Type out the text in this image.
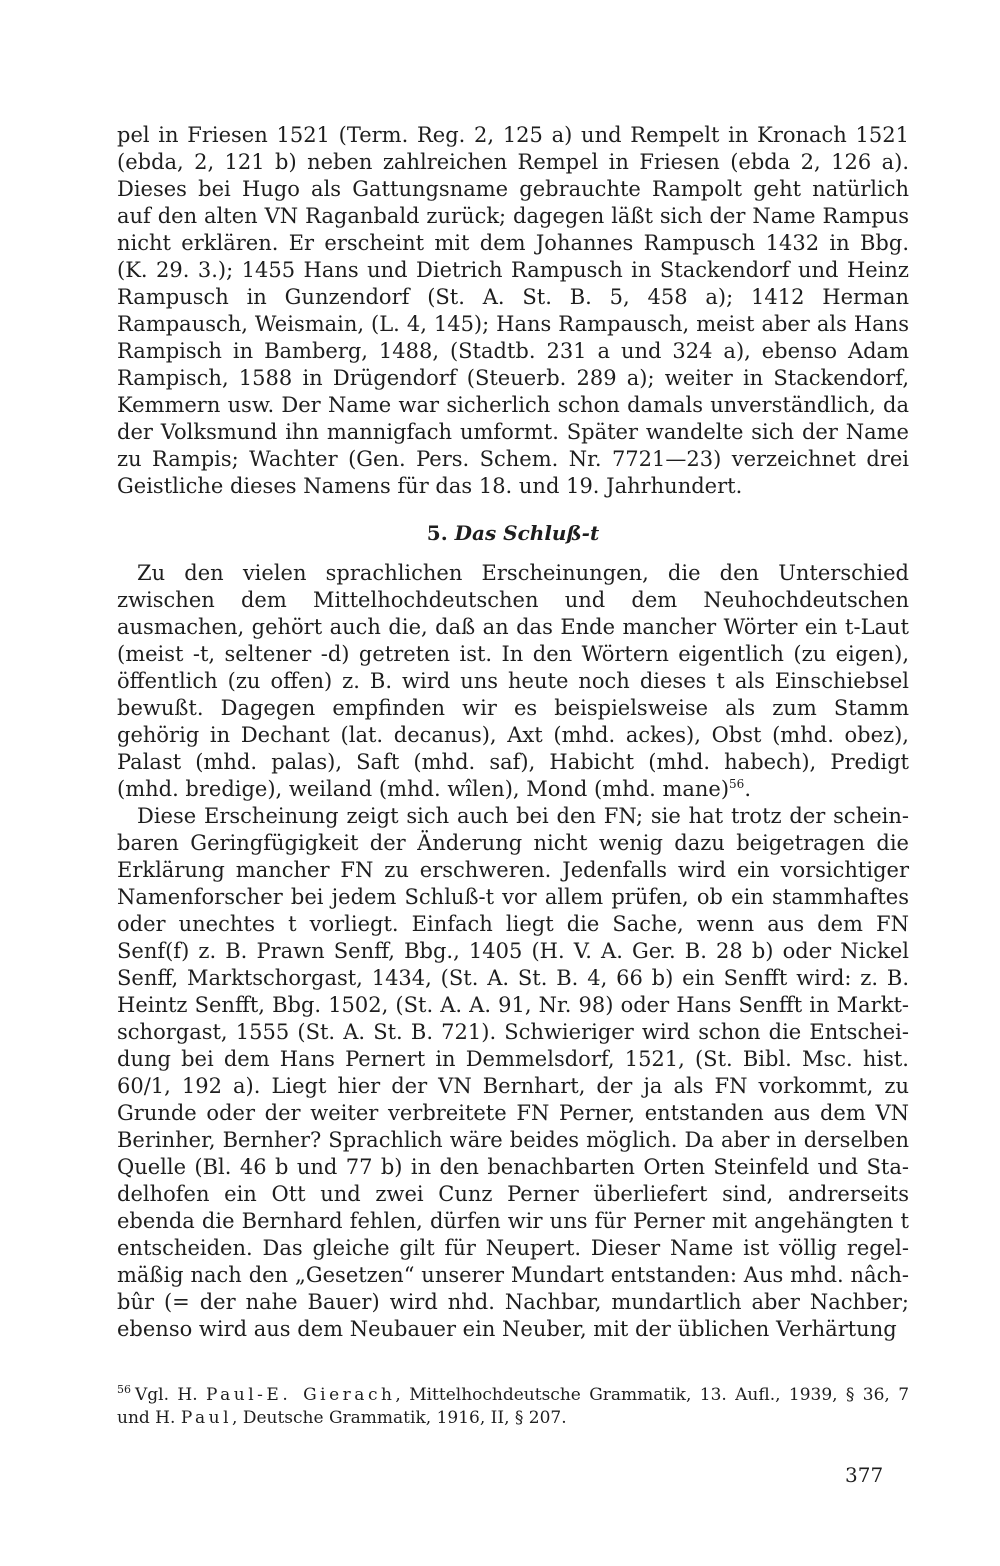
pel in Friesen 1521 (Term. Reg. 2, 125 a) und Rempelt in Kronach 1521 (ebda, 2, 121 b) neben zahlreichen Rempel in Friesen (ebda 2, 126 a). Dieses bei Hugo als Gattungsname gebrauchte Rampolt geht natürlich auf den alten VN Raganbald zurück; dagegen läßt sich der Name Rampus nicht erklären. Er erscheint mit dem Johannes Rampusch 1432 in Bbg. (K. 29. 3.); 1455 Hans und Dietrich Rampusch in Stackendorf und Heinz Rampusch in Gunzendorf (St. A. St. B. 5, 458 a); 1412 Herman Rampausch, Weismain, (L. 4, 145); Hans Rampausch, meist aber als Hans Rampisch in Bamberg, 1488, (Stadtb. 231 a und 324 a), ebenso Adam Rampisch, 1588 in Drügendorf (Steuerb. 289 a); weiter in Stackendorf, Kemmern usw. Der Name war sicherlich schon damals unverständlich, da der Volksmund ihn mannigfach umformt. Später wandelte sich der Name zu Rampis; Wachter (Gen. Pers. Schem. Nr. 7721—23) verzeichnet drei Geistliche dieses Namens für das 18. und 19. Jahrhundert.

5. Das Schluß-t

Zu den vielen sprachlichen Erscheinungen, die den Unterschied zwischen dem Mittelhochdeutschen und dem Neuhochdeutschen ausmachen, gehört auch die, daß an das Ende mancher Wörter ein t-Laut (meist -t, seltener -d) getreten ist. In den Wörtern eigentlich (zu eigen), öffentlich (zu offen) z. B. wird uns heute noch dieses t als Einschiebsel bewußt. Dagegen empfinden wir es beispielsweise als zum Stamm gehörig in Dechant (lat. decanus), Axt (mhd. ackes), Obst (mhd. obez), Palast (mhd. palas), Saft (mhd. saf), Habicht (mhd. habech), Predigt (mhd. bredige), weiland (mhd. wîlen), Mond (mhd. mane)$^{56}$.

Diese Erscheinung zeigt sich auch bei den FN; sie hat trotz der scheinbaren Geringfügigkeit der Änderung nicht wenig dazu beigetragen die Erklärung mancher FN zu erschweren. Jedenfalls wird ein vorsichtiger Namenforscher bei jedem Schluß-t vor allem prüfen, ob ein stammhaftes oder unechtes t vorliegt. Einfach liegt die Sache, wenn aus dem FN Senf(f) z. B. Prawn Senff, Bbg., 1405 (H. V. A. Ger. B. 28 b) oder Nickel Senff, Marktschorgast, 1434, (St. A. St. B. 4, 66 b) ein Senfft wird: z. B. Heintz Senfft, Bbg. 1502, (St. A. A. 91, Nr. 98) oder Hans Senfft in Marktschorgast, 1555 (St. A. St. B. 721). Schwieriger wird schon die Entscheidung bei dem Hans Pernert in Demmelsdorf, 1521, (St. Bibl. Msc. hist. 60/1, 192 a). Liegt hier der VN Bernhart, der ja als FN vorkommt, zu Grunde oder der weiter verbreitete FN Perner, entstanden aus dem VN Berinher, Bernher? Sprachlich wäre beides möglich. Da aber in derselben Quelle (Bl. 46 b und 77 b) in den benachbarten Orten Steinfeld und Stadelhofen ein Ott und zwei Cunz Perner überliefert sind, andrerseits ebenda die Bernhard fehlen, dürfen wir uns für Perner mit angehängten t entscheiden. Das gleiche gilt für Neupert. Dieser Name ist völlig regelmäßig nach den „Gesetzen“ unserer Mundart entstanden: Aus mhd. nâchbûr (= der nahe Bauer) wird nhd. Nachbar, mundartlich aber Nachber; ebenso wird aus dem Neubauer ein Neuber, mit der üblichen Verhärtung

$^{56}$ Vgl. H. Paul-E. Gierach, Mittelhochdeutsche Grammatik, 13. Aufl., 1939, § 36, 7 und H. Paul, Deutsche Grammatik, 1916, II, § 207.
377
